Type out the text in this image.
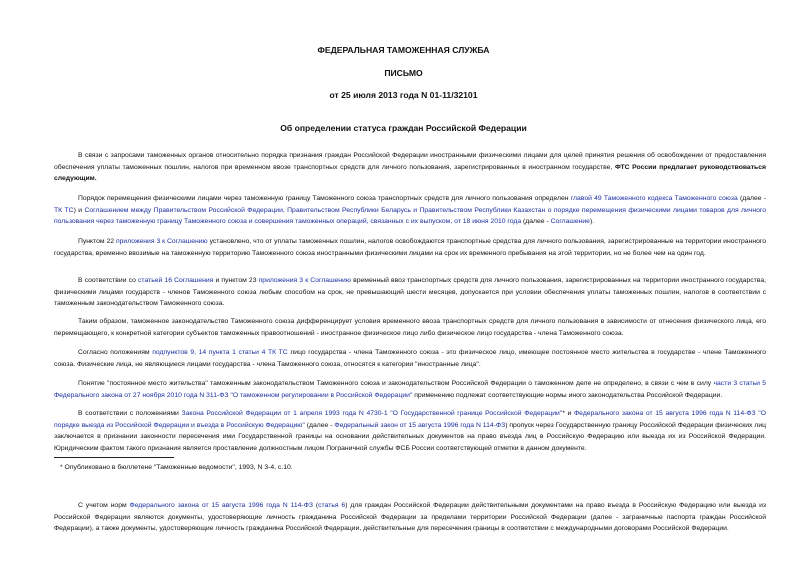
ФЕДЕРАЛЬНАЯ ТАМОЖЕННАЯ СЛУЖБА
ПИСЬМО
от 25 июля 2013 года N 01-11/32101
Об определении статуса граждан Российской Федерации
В связи с запросами таможенных органов относительно порядка признания граждан Российской Федерации иностранными физическими лицами для целей принятия решения об освобождении от предоставления обеспечения уплаты таможенных пошлин, налогов при временном ввозе транспортных средств для личного пользования, зарегистрированных в иностранном государстве, ФТС России предлагает руководствоваться следующим.
Порядок перемещения физическими лицами через таможенную границу Таможенного союза транспортных средств для личного пользования определен главой 49 Таможенного кодекса Таможенного союза (далее - ТК ТС) и Соглашением между Правительством Российской Федерации, Правительством Республики Беларусь и Правительством Республики Казахстан о порядке перемещения физическими лицами товаров для личного пользования через таможенную границу Таможенного союза и совершения таможенных операций, связанных с их выпуском, от 18 июня 2010 года (далее - Соглашение).
Пунктом 22 приложения 3 к Соглашению установлено, что от уплаты таможенных пошлин, налогов освобождаются транспортные средства для личного пользования, зарегистрированные на территории иностранного государства, временно ввозимые на таможенную территорию Таможенного союза иностранными физическими лицами на срок их временного пребывания на этой территории, но не более чем на один год.
В соответствии со статьей 16 Соглашения и пунктом 23 приложения 3 к Соглашению временный ввоз транспортных средств для личного пользования, зарегистрированных на территории иностранного государства, физическими лицами государств - членов Таможенного союза любым способом на срок, не превышающий шести месяцев, допускается при условии обеспечения уплаты таможенных пошлин, налогов в соответствии с таможенным законодательством Таможенного союза.
Таким образом, таможенное законодательство Таможенного союза дифференцирует условия временного ввоза транспортных средств для личного пользования в зависимости от отнесения физического лица, его перемещающего, к конкретной категории субъектов таможенных правоотношений - иностранное физическое лицо либо физическое лицо государства - члена Таможенного союза.
Согласно положениям подпунктов 9, 14 пункта 1 статьи 4 ТК ТС лицо государства - члена Таможенного союза - это физическое лицо, имеющее постоянное место жительства в государстве - члене Таможенного союза. Физические лица, не являющиеся лицами государства - члена Таможенного союза, относятся к категории "иностранные лица".
Понятие "постоянное место жительства" таможенным законодательством Таможенного союза и законодательством Российской Федерации о таможенном деле не определено, в связи с чем в силу части 3 статьи 5 Федерального закона от 27 ноября 2010 года N 311-ФЗ "О таможенном регулировании в Российской Федерации" применению подлежат соответствующие нормы иного законодательства Российской Федерации.
В соответствии с положениями Закона Российской Федерации от 1 апреля 1993 года N 4730-1 "О Государственной границе Российской Федерации"* и Федерального закона от 15 августа 1996 года N 114-ФЗ "О порядке выезда из Российской Федерации и въезда в Российскую Федерацию" (далее - Федеральный закон от 15 августа 1996 года N 114-ФЗ) пропуск через Государственную границу Российской Федерации физических лиц заключается в признании законности пересечения ими Государственной границы на основании действительных документов на право въезда лиц в Российскую Федерацию или выезда их из Российской Федерации. Юридическим фактом такого признания является проставление должностным лицом Пограничной службы ФСБ России соответствующей отметки в данном документе.
* Опубликовано в бюллетене "Таможенные ведомости", 1993, N 3-4, с.10.
С учетом норм Федерального закона от 15 августа 1996 года N 114-ФЗ (статья 6) для граждан Российской Федерации действительными документами на право въезда в Российскую Федерацию или выезда из Российской Федерации являются документы, удостоверяющие личность гражданина Российской Федерации за пределами территории Российской Федерации (далее - заграничные паспорта граждан Российской Федерации), а также документы, удостоверяющие личность гражданина Российской Федерации, действительные для пересечения границы в соответствии с международными договорами Российской Федерации.
